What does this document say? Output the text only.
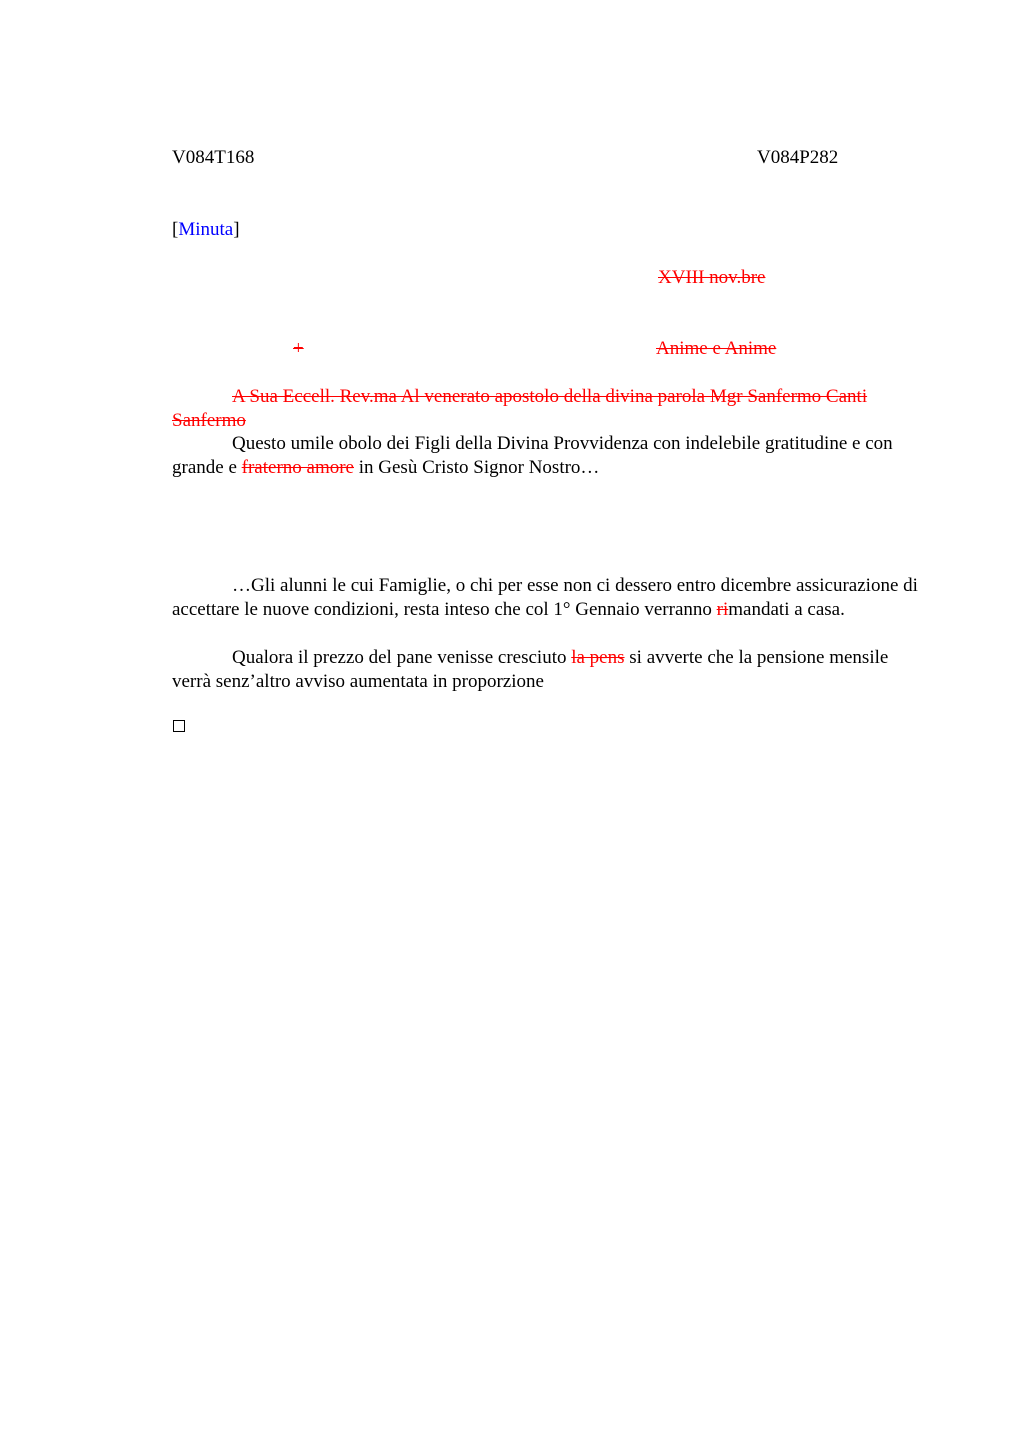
V084T168	V084P282
[Minuta]
XVIII nov.bre
+	Anime e Anime
A Sua Eccell. Rev.ma Al venerato apostolo della divina parola Mgr Sanfermo Canti Sanfermo
Questo umile obolo dei Figli della Divina Provvidenza con indelebile gratitudine e con grande e fraterno amore in Gesù Cristo Signor Nostro…
…Gli alunni le cui Famiglie, o chi per esse non ci dessero entro dicembre assicurazione di accettare le nuove condizioni, resta inteso che col 1° Gennaio verranno rimandati a casa.
Qualora il prezzo del pane venisse cresciuto la pens si avverte che la pensione mensile verrà senz’altro avviso aumentata in proporzione
